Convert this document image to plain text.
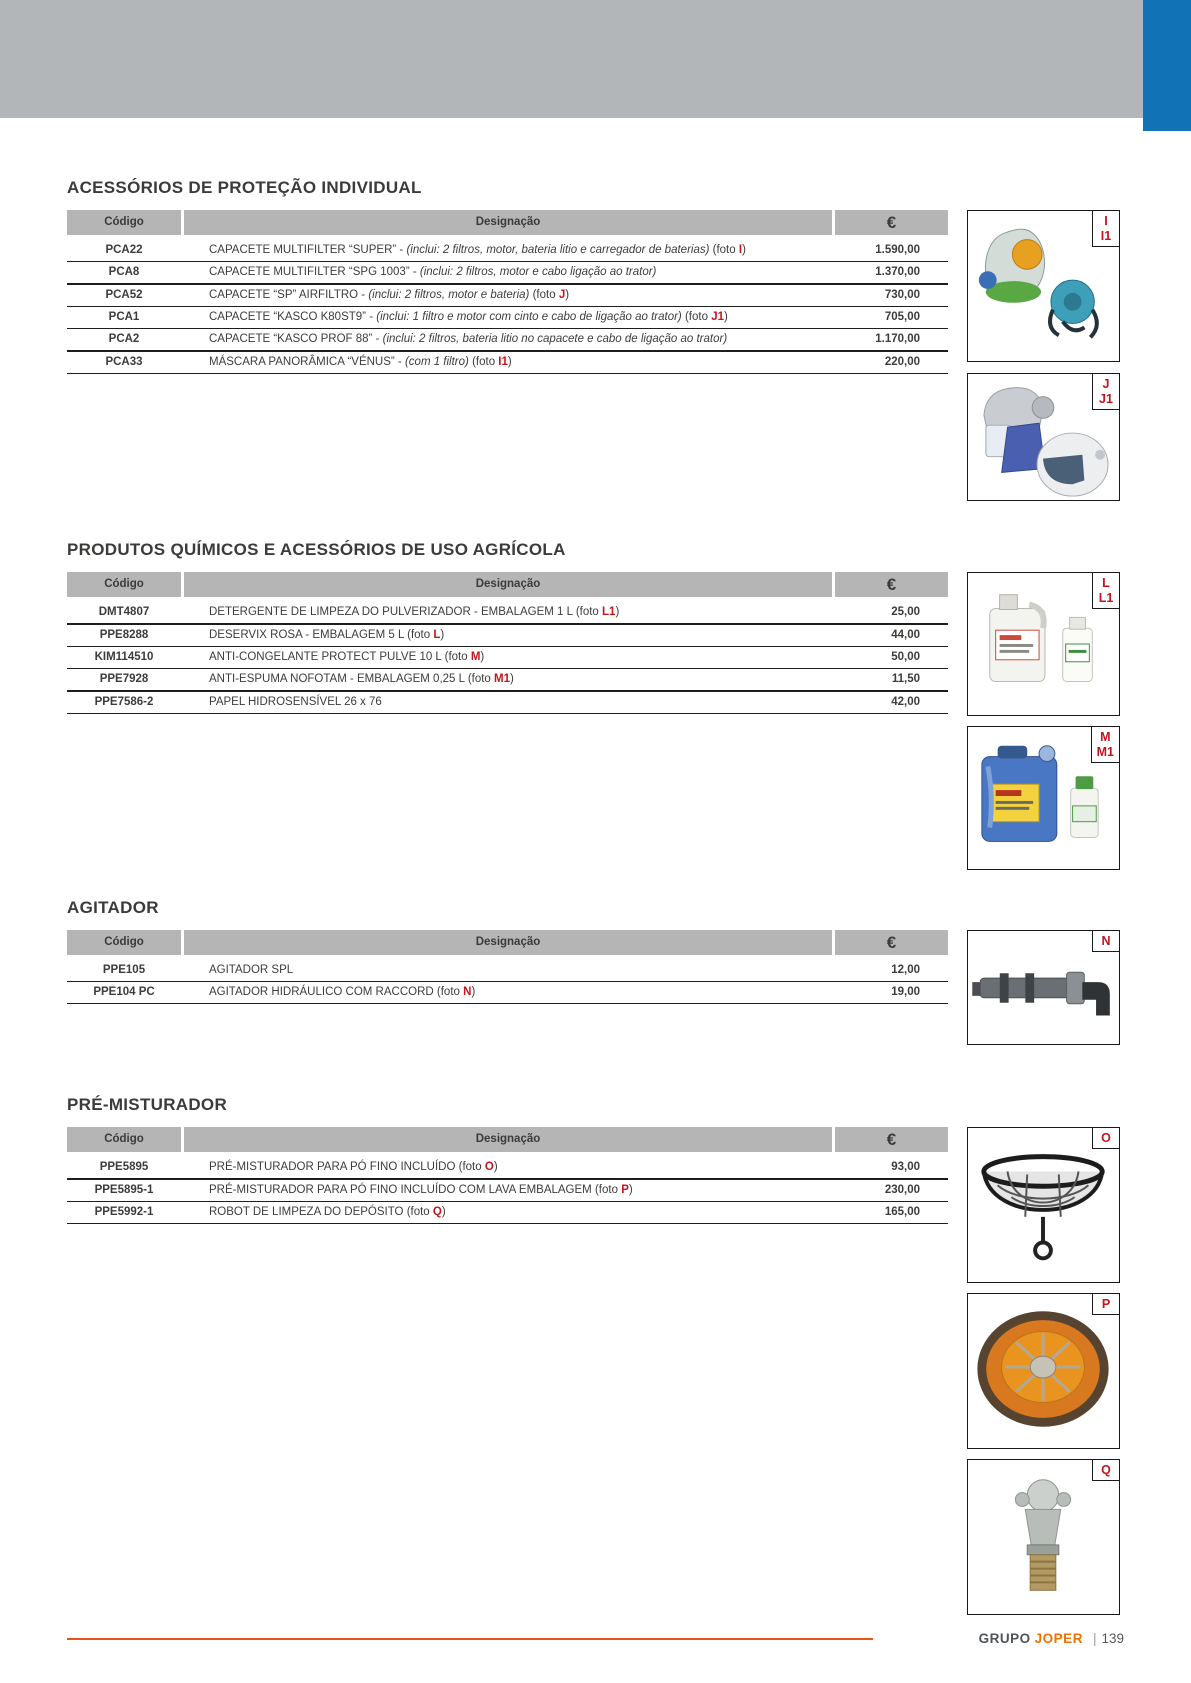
ACESSÓRIOS DE PROTEÇÃO INDIVIDUAL
Código	Designação	€
PCA22	CAPACETE MULTIFILTER “SUPER” - (inclui: 2 filtros, motor, bateria litio e carregador de baterias) (foto I)	1.590,00
PCA8	CAPACETE MULTIFILTER “SPG 1003” - (inclui: 2 filtros, motor e cabo ligação ao trator)	1.370,00
PCA52	CAPACETE “SP” AIRFILTRO - (inclui: 2 filtros, motor e bateria) (foto J)	730,00
PCA1	CAPACETE “KASCO K80ST9” - (inclui: 1 filtro e motor com cinto e cabo de ligação ao trator) (foto J1)	705,00
PCA2	CAPACETE “KASCO PROF 88” - (inclui: 2 filtros, bateria litio no capacete e cabo de ligação ao trator)	1.170,00
PCA33	MÁSCARA PANORÂMICA “VÉNUS” - (com 1 filtro) (foto I1)	220,00
PRODUTOS QUÍMICOS E ACESSÓRIOS DE USO AGRÍCOLA
Código	Designação	€
DMT4807	DETERGENTE DE LIMPEZA DO PULVERIZADOR - EMBALAGEM 1 L (foto L1)	25,00
PPE8288	DESERVIX ROSA - EMBALAGEM 5 L (foto L)	44,00
KIM114510	ANTI-CONGELANTE PROTECT PULVE 10 L (foto M)	50,00
PPE7928	ANTI-ESPUMA NOFOTAM - EMBALAGEM 0,25 L (foto M1)	11,50
PPE7586-2	PAPEL HIDROSENSÍVEL 26 x 76	42,00
AGITADOR
Código	Designação	€
PPE105	AGITADOR SPL	12,00
PPE104 PC	AGITADOR HIDRÁULICO COM RACCORD (foto N)	19,00
PRÉ-MISTURADOR
Código	Designação	€
PPE5895	PRÉ-MISTURADOR PARA PÓ FINO INCLUÍDO (foto O)	93,00
PPE5895-1	PRÉ-MISTURADOR PARA PÓ FINO INCLUÍDO COM LAVA EMBALAGEM (foto P)	230,00
PPE5992-1	ROBOT DE LIMPEZA DO DEPÓSITO (foto Q)	165,00
I
I1
J
J1
L
L1
M
M1
N
O
P
Q
GRUPO JOPER | 139
